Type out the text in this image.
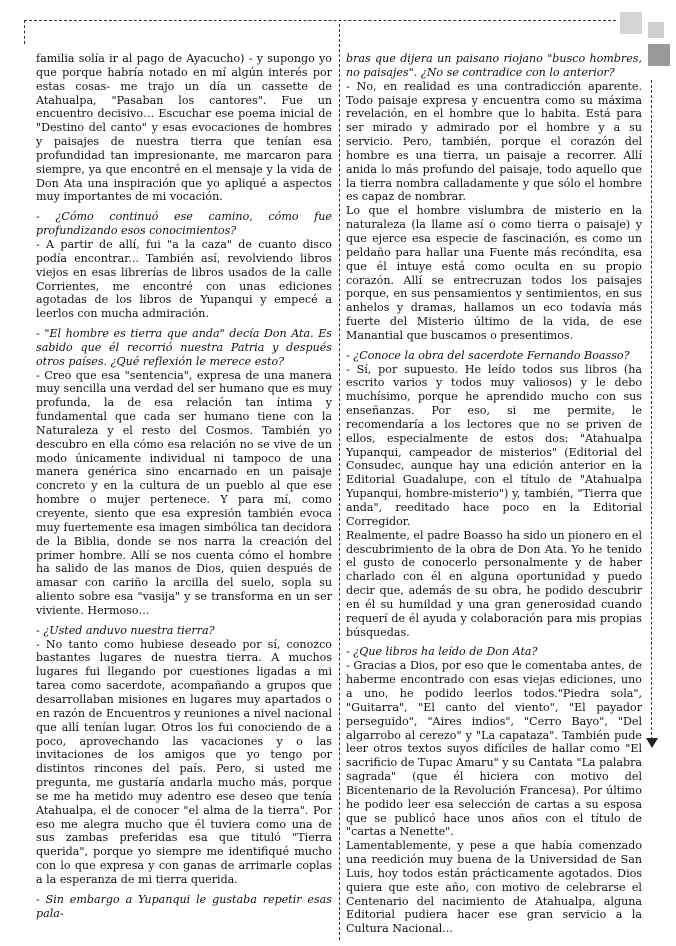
familia solía ir al pago de Ayacucho) - y supongo yo que porque habría notado en mí algún interés por estas cosas- me trajo un día un cassette de Atahualpa, "Pasaban los cantores". Fue un encuentro decisivo… Escuchar ese poema inicial de "Destino del canto" y esas evocaciones de hombres y paisajes de nuestra tierra que tenían esa profundidad tan impresionante, me marcaron para siempre, ya que encontré en el mensaje y la vida de Don Ata una inspiración que yo apliqué a aspectos muy importantes de mi vocación.

- ¿Cómo continuó ese camino, cómo fue profundizando esos conocimientos?

- A partir de allí, fui "a la caza" de cuanto disco podía encontrar... También así, revolviendo libros viejos en esas librerías de libros usados de la calle Corrientes, me encontré con unas ediciones agotadas de los libros de Yupanqui y empecé a leerlos con mucha admiración.

- "El hombre es tierra que anda" decía Don Ata. Es sabido que él recorrió nuestra Patria y después otros países. ¿Qué reflexión le merece esto?

- Creo que esa "sentencia", expresa de una manera muy sencilla una verdad del ser humano que es muy profunda, la de esa relación tan íntima y fundamental que cada ser humano tiene con la Naturaleza y el resto del Cosmos. También yo descubro en ella cómo esa relación no se vive de un modo únicamente individual ni tampoco de una manera genérica sino encarnado en un paisaje concreto y en la cultura de un pueblo al que ese hombre o mujer pertenece. Y para mí, como creyente, siento que esa expresión también evoca muy fuertemente esa imagen simbólica tan decidora de la Biblia, donde se nos narra la creación del primer hombre. Allí se nos cuenta cómo el hombre ha salido de las manos de Dios, quien después de amasar con cariño la arcilla del suelo, sopla su aliento sobre esa "vasija" y se transforma en un ser viviente. Hermoso…

- ¿Usted anduvo nuestra tierra?

- No tanto como hubiese deseado por sí, conozco bastantes lugares de nuestra tierra. A muchos lugares fui llegando por cuestiones ligadas a mi tarea como sacerdote, acompañando a grupos que desarrollaban misiones en lugares muy apartados o en razón de Encuentros y reuniones a nivel nacional que allí tenían lugar. Otros los fui conociendo de a poco, aprovechando las vacaciones y o las invitaciones de los amigos que yo tengo por distintos rincones del país. Pero, si usted me pregunta, me gustaría andarla mucho más, porque se me ha metido muy adentro ese deseo que tenía Atahualpa, el de conocer "el alma de la tierra". Por eso me alegra mucho que él tuviera como una de sus zambas preferidas esa que tituló "Tierra querida", porque yo siempre me identifiqué mucho con lo que expresa y con ganas de arrimarle coplas a la esperanza de mi tierra querida.

- Sin embargo a Yupanqui le gustaba repetir esas pala-

bras que dijera un paisano riojano "busco hombres, no paisajes". ¿No se contradice con lo anterior?

- No, en realidad es una contradicción aparente. Todo paisaje expresa y encuentra como su máxima revelación, en el hombre que lo habita. Está para ser mirado y admirado por el hombre y a su servicio. Pero, también, porque el corazón del hombre es una tierra, un paisaje a recorrer. Allí anida lo más profundo del paisaje, todo aquello que la tierra nombra calladamente y que sólo el hombre es capaz de nombrar.

Lo que el hombre vislumbra de misterio en la naturaleza (la llame así o como tierra o paisaje) y que ejerce esa especie de fascinación, es como un peldaño para hallar una Fuente más recóndita, esa que él intuye está como oculta en su propio corazón. Allí se entrecruzan todos los paisajes porque, en sus pensamientos y sentimientos, en sus anhelos y dramas, hallamos un eco todavía más fuerte del Misterio último de la vida, de ese Manantial que buscamos o presentimos.

- ¿Conoce la obra del sacerdote Fernando Boasso?

- Sí, por supuesto. He leído todos sus libros (ha escrito varios y todos muy valiosos) y le debo muchísimo, porque he aprendido mucho con sus enseñanzas. Por eso, si me permite, le recomendaría a los lectores que no se priven de ellos, especialmente de estos dos: "Atahualpa Yupanqui, campeador de misterios" (Editorial del Consudec, aunque hay una edición anterior en la Editorial Guadalupe, con el título de "Atahualpa Yupanqui, hombre-misterio") y, también, "Tierra que anda", reeditado hace poco en la Editorial Corregidor.

Realmente, el padre Boasso ha sido un pionero en el descubrimiento de la obra de Don Ata. Yo he tenido el gusto de conocerlo personalmente y de haber charlado con él en alguna oportunidad y puedo decir que, además de su obra, he podido descubrir en él su humildad y una gran generosidad cuando requerí de él ayuda y colaboración para mis propias búsquedas.

- ¿Que libros ha leído de Don Ata?

- Gracias a Dios, por eso que le comentaba antes, de haberme encontrado con esas viejas ediciones, uno a uno, he podido leerlos todos."Piedra sola", "Guitarra", "El canto del viento", "El payador perseguido", "Aires indios", "Cerro Bayo", "Del algarrobo al cerezo" y "La capataza". También pude leer otros textos suyos difíciles de hallar como "El sacrificio de Tupac Amaru" y su Cantata "La palabra sagrada" (que él hiciera con motivo del Bicentenario de la Revolución Francesa). Por último he podido leer esa selección de cartas a su esposa que se publicó hace unos años con el título de "cartas a Nenette".

Lamentablemente, y pese a que había comenzado una reedición muy buena de la Universidad de San Luis, hoy todos están prácticamente agotados. Dios quiera que este año, con motivo de celebrarse el Centenario del nacimiento de Atahualpa, alguna Editorial pudiera hacer ese gran servicio a la Cultura Nacional...
